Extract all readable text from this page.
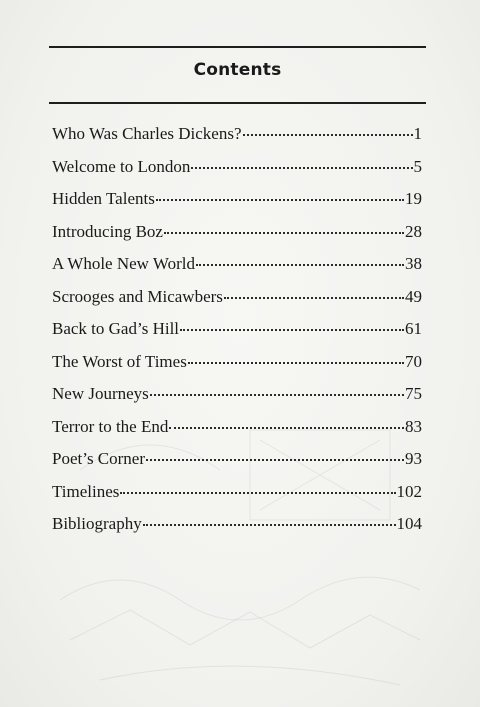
Contents
Who Was Charles Dickens?	1
Welcome to London	5
Hidden Talents	19
Introducing Boz	28
A Whole New World	38
Scrooges and Micawbers	49
Back to Gad’s Hill	61
The Worst of Times	70
New Journeys	75
Terror to the End	83
Poet’s Corner	93
Timelines	102
Bibliography	104
